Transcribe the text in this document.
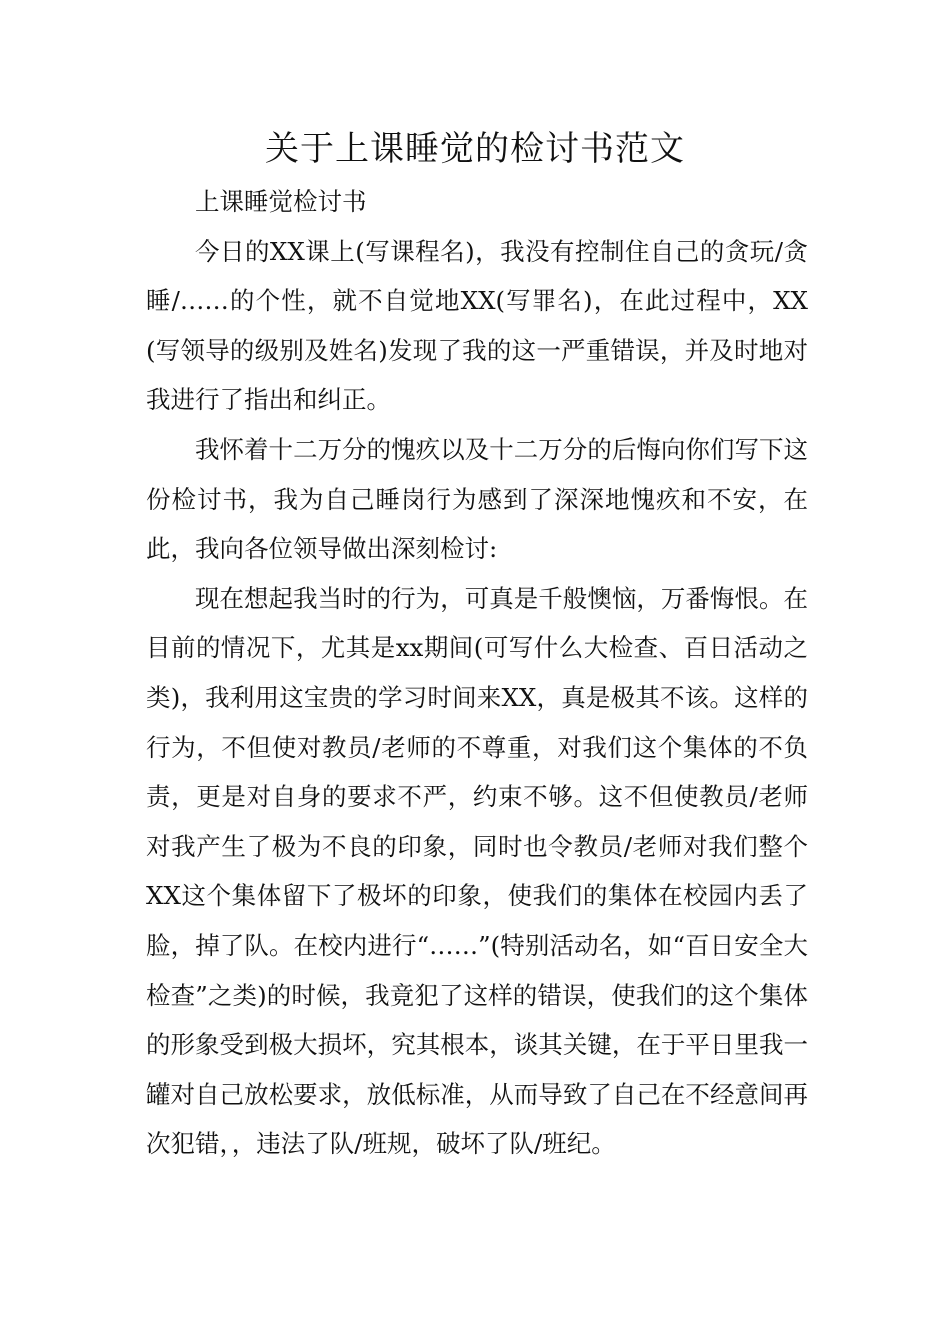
关于上课睡觉的检讨书范文

上课睡觉检讨书

今日的XX课上(写课程名)，我没有控制住自己的贪玩/贪睡/……的个性，就不自觉地XX(写罪名)，在此过程中，XX(写领导的级别及姓名)发现了我的这一严重错误，并及时地对我进行了指出和纠正。

我怀着十二万分的愧疚以及十二万分的后悔向你们写下这份检讨书，我为自己睡岗行为感到了深深地愧疚和不安，在此，我向各位领导做出深刻检讨:

现在想起我当时的行为，可真是千般懊恼，万番悔恨。在目前的情况下，尤其是xx期间(可写什么大检查、百日活动之类)，我利用这宝贵的学习时间来XX，真是极其不该。这样的行为，不但使对教员/老师的不尊重，对我们这个集体的不负责，更是对自身的要求不严，约束不够。这不但使教员/老师对我产生了极为不良的印象，同时也令教员/老师对我们整个XX这个集体留下了极坏的印象，使我们的集体在校园内丢了脸，掉了队。在校内进行“……”(特别活动名，如“百日安全大检查”之类)的时候，我竟犯了这样的错误，使我们的这个集体的形象受到极大损坏，究其根本，谈其关键，在于平日里我一罐对自己放松要求，放低标准，从而导致了自己在不经意间再次犯错，，违法了队/班规，破坏了队/班纪。
